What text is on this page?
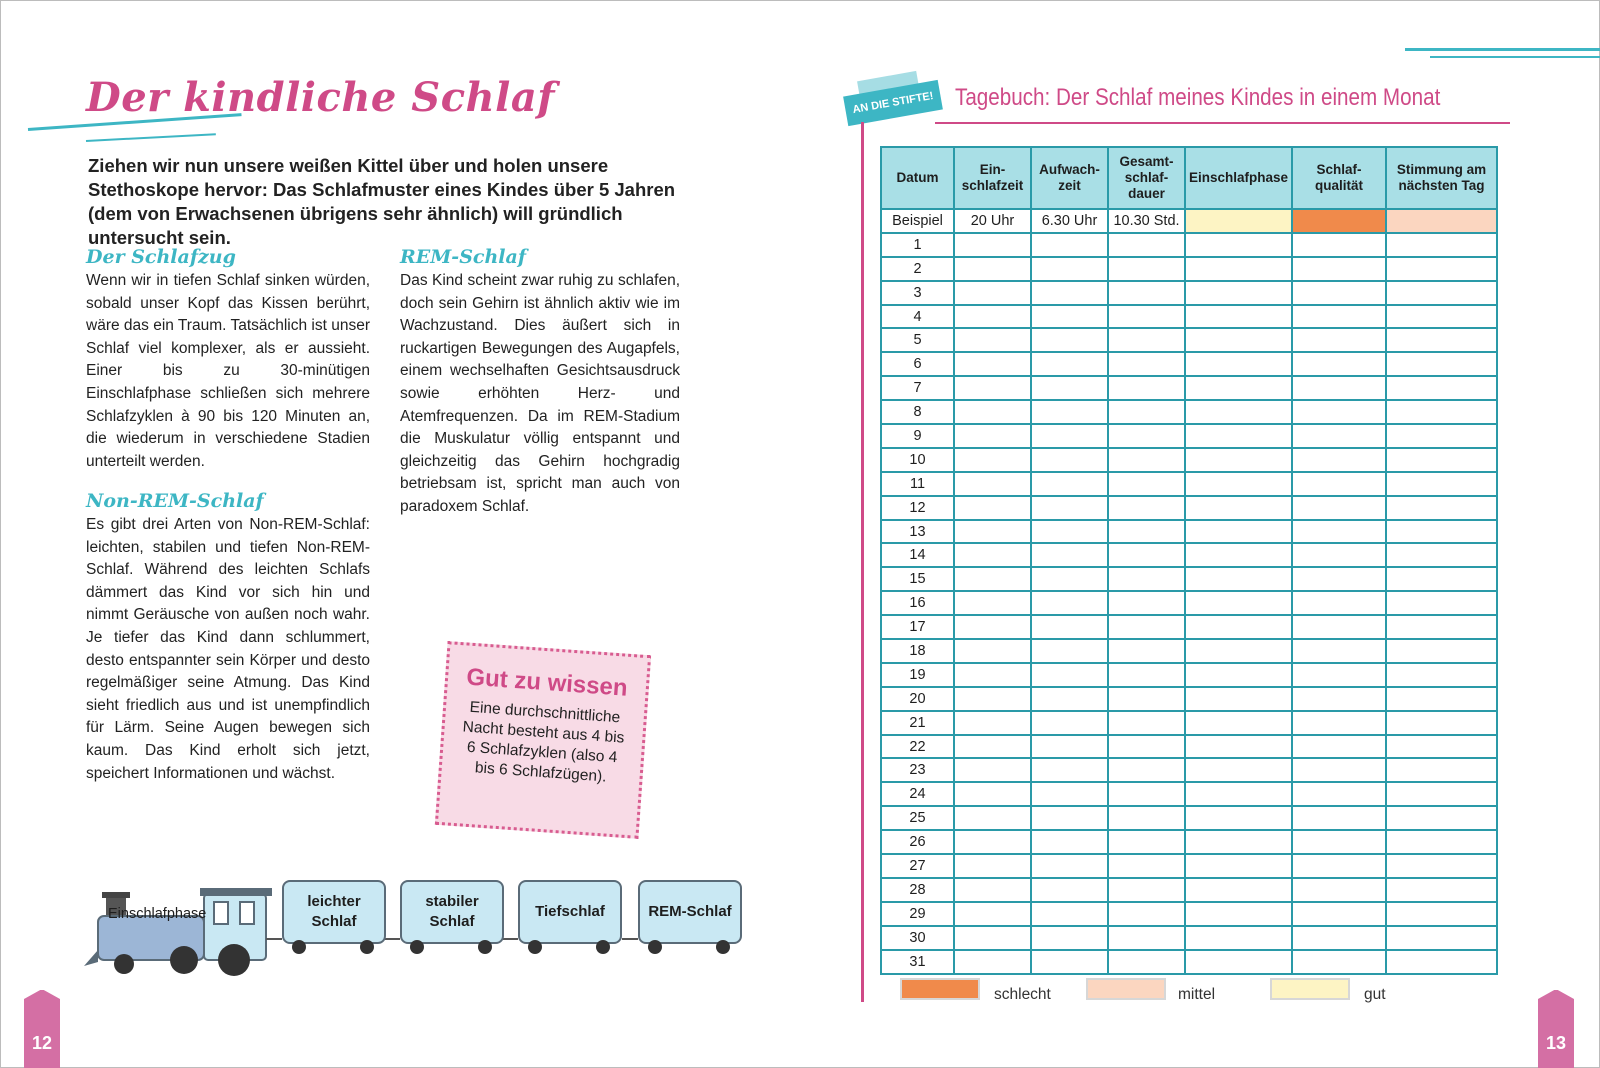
Der kindliche Schlaf
Ziehen wir nun unsere weißen Kittel über und holen unsere Stethoskope hervor: Das Schlafmuster eines Kindes über 5 Jahren (dem von Erwachsenen übrigens sehr ähnlich) will gründlich untersucht sein.
Der Schlafzug
Wenn wir in tiefen Schlaf sinken würden, sobald unser Kopf das Kissen berührt, wäre das ein Traum. Tatsächlich ist unser Schlaf viel komplexer, als er aussieht. Einer bis zu 30-minütigen Einschlafphase schließen sich mehrere Schlafzyklen à 90 bis 120 Minuten an, die wiederum in verschiedene Stadien unterteilt werden.
Non-REM-Schlaf
Es gibt drei Arten von Non-REM-Schlaf: leichten, stabilen und tiefen Non-REM-Schlaf. Während des leichten Schlafs dämmert das Kind vor sich hin und nimmt Geräusche von außen noch wahr. Je tiefer das Kind dann schlummert, desto entspannter sein Körper und desto regelmäßiger seine Atmung. Das Kind sieht friedlich aus und ist unempfindlich für Lärm. Seine Augen bewegen sich kaum. Das Kind erholt sich jetzt, speichert Informationen und wächst.
REM-Schlaf
Das Kind scheint zwar ruhig zu schlafen, doch sein Gehirn ist ähnlich aktiv wie im Wachzustand. Dies äußert sich in ruckartigen Bewegungen des Augapfels, einem wechselhaften Gesichtsausdruck sowie erhöhten Herz- und Atemfrequenzen. Da im REM-Stadium die Muskulatur völlig entspannt und gleichzeitig das Gehirn hochgradig betriebsam ist, spricht man auch von paradoxem Schlaf.
Gut zu wissen
Eine durchschnittliche Nacht besteht aus 4 bis 6 Schlafzyklen (also 4 bis 6 Schlafzügen).
Einschlafphase
leichter Schlaf
stabiler Schlaf
Tiefschlaf	REM-Schlaf
12
AN DIE STIFTE! Tagebuch: Der Schlaf meines Kindes in einem Monat
Datum	Ein-schlafzeit	Aufwach-zeit	Gesamt-schlaf-dauer	Einschlafphase	Schlaf-qualität	Stimmung am nächsten Tag
Beispiel	20 Uhr	6.30 Uhr	10.30 Std.			
1						
2						
3						
4						
5						
6						
7						
8						
9						
10						
11						
12						
13						
14						
15						
16						
17						
18						
19						
20						
21						
22						
23						
24						
25						
26						
27						
28						
29						
30						
31						
schlecht	mittel	gut
13
